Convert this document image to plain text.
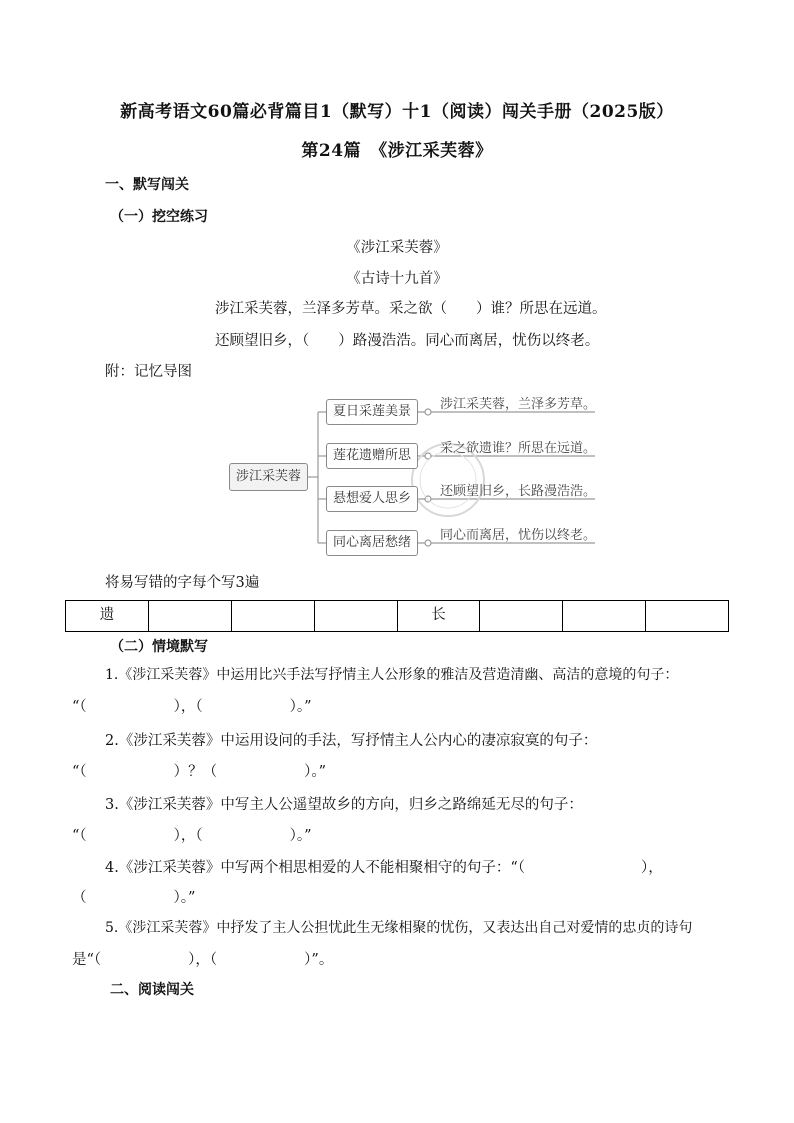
新高考语文60篇必背篇目1（默写）十1（阅读）闯关手册（2025版）
第24篇　《涉江采芙蓉》
一、默写闯关
（一）挖空练习
《涉江采芙蓉》
《古诗十九首》
涉江采芙蓉，兰泽多芳草。采之欲（　　）谁？所思在远道。
还顾望旧乡，（　　）路漫浩浩。同心而离居，忧伤以终老。
附：记忆导图
涉江采芙蓉
夏日采莲美景
莲花遗赠所思
悬想爱人思乡
同心离居愁绪
涉江采芙蓉，兰泽多芳草。
采之欲遗谁？所思在远道。
还顾望旧乡，长路漫浩浩。
同心而离居，忧伤以终老。
将易写错的字每个写3遍
遗				长			
（二）情境默写
1.《涉江采芙蓉》中运用比兴手法写抒情主人公形象的雅洁及营造清幽、高洁的意境的句子：
“（　　　　　　），（　　　　　　）。”
2.《涉江采芙蓉》中运用设问的手法，写抒情主人公内心的凄凉寂寞的句子：
“（　　　　　　）？（　　　　　　）。”
3.《涉江采芙蓉》中写主人公遥望故乡的方向，归乡之路绵延无尽的句子：
“（　　　　　　），（　　　　　　）。”
4.《涉江采芙蓉》中写两个相思相爱的人不能相聚相守的句子：“（　　　　　　　　），
（　　　　　　）。”
5.《涉江采芙蓉》中抒发了主人公担忧此生无缘相聚的忧伤，又表达出自己对爱情的忠贞的诗句
是“（　　　　　　），（　　　　　　）”。
二、阅读闯关
